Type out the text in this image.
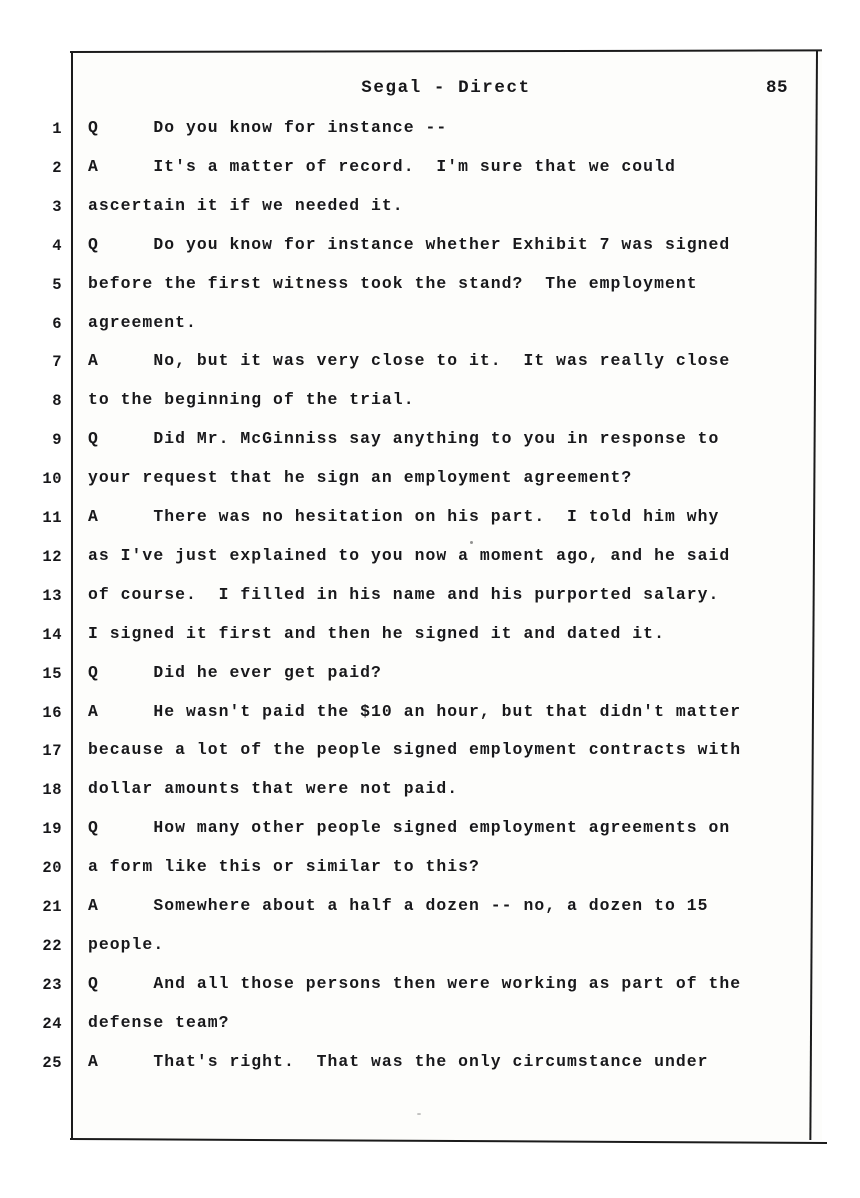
Segal - Direct	85
1
2
3
4
5
6
7
8
9
10
11
12
13
14
15
16
17
18
19
20
21
22
23
24
25
Q     Do you know for instance --
A     It's a matter of record.  I'm sure that we could
ascertain it if we needed it.
Q     Do you know for instance whether Exhibit 7 was signed
before the first witness took the stand?  The employment
agreement.
A     No, but it was very close to it.  It was really close
to the beginning of the trial.
Q     Did Mr. McGinniss say anything to you in response to
your request that he sign an employment agreement?
A     There was no hesitation on his part.  I told him why
as I've just explained to you now a moment ago, and he said
of course.  I filled in his name and his purported salary.
I signed it first and then he signed it and dated it.
Q     Did he ever get paid?
A     He wasn't paid the $10 an hour, but that didn't matter
because a lot of the people signed employment contracts with
dollar amounts that were not paid.
Q     How many other people signed employment agreements on
a form like this or similar to this?
A     Somewhere about a half a dozen -- no, a dozen to 15
people.
Q     And all those persons then were working as part of the
defense team?
A     That's right.  That was the only circumstance under
